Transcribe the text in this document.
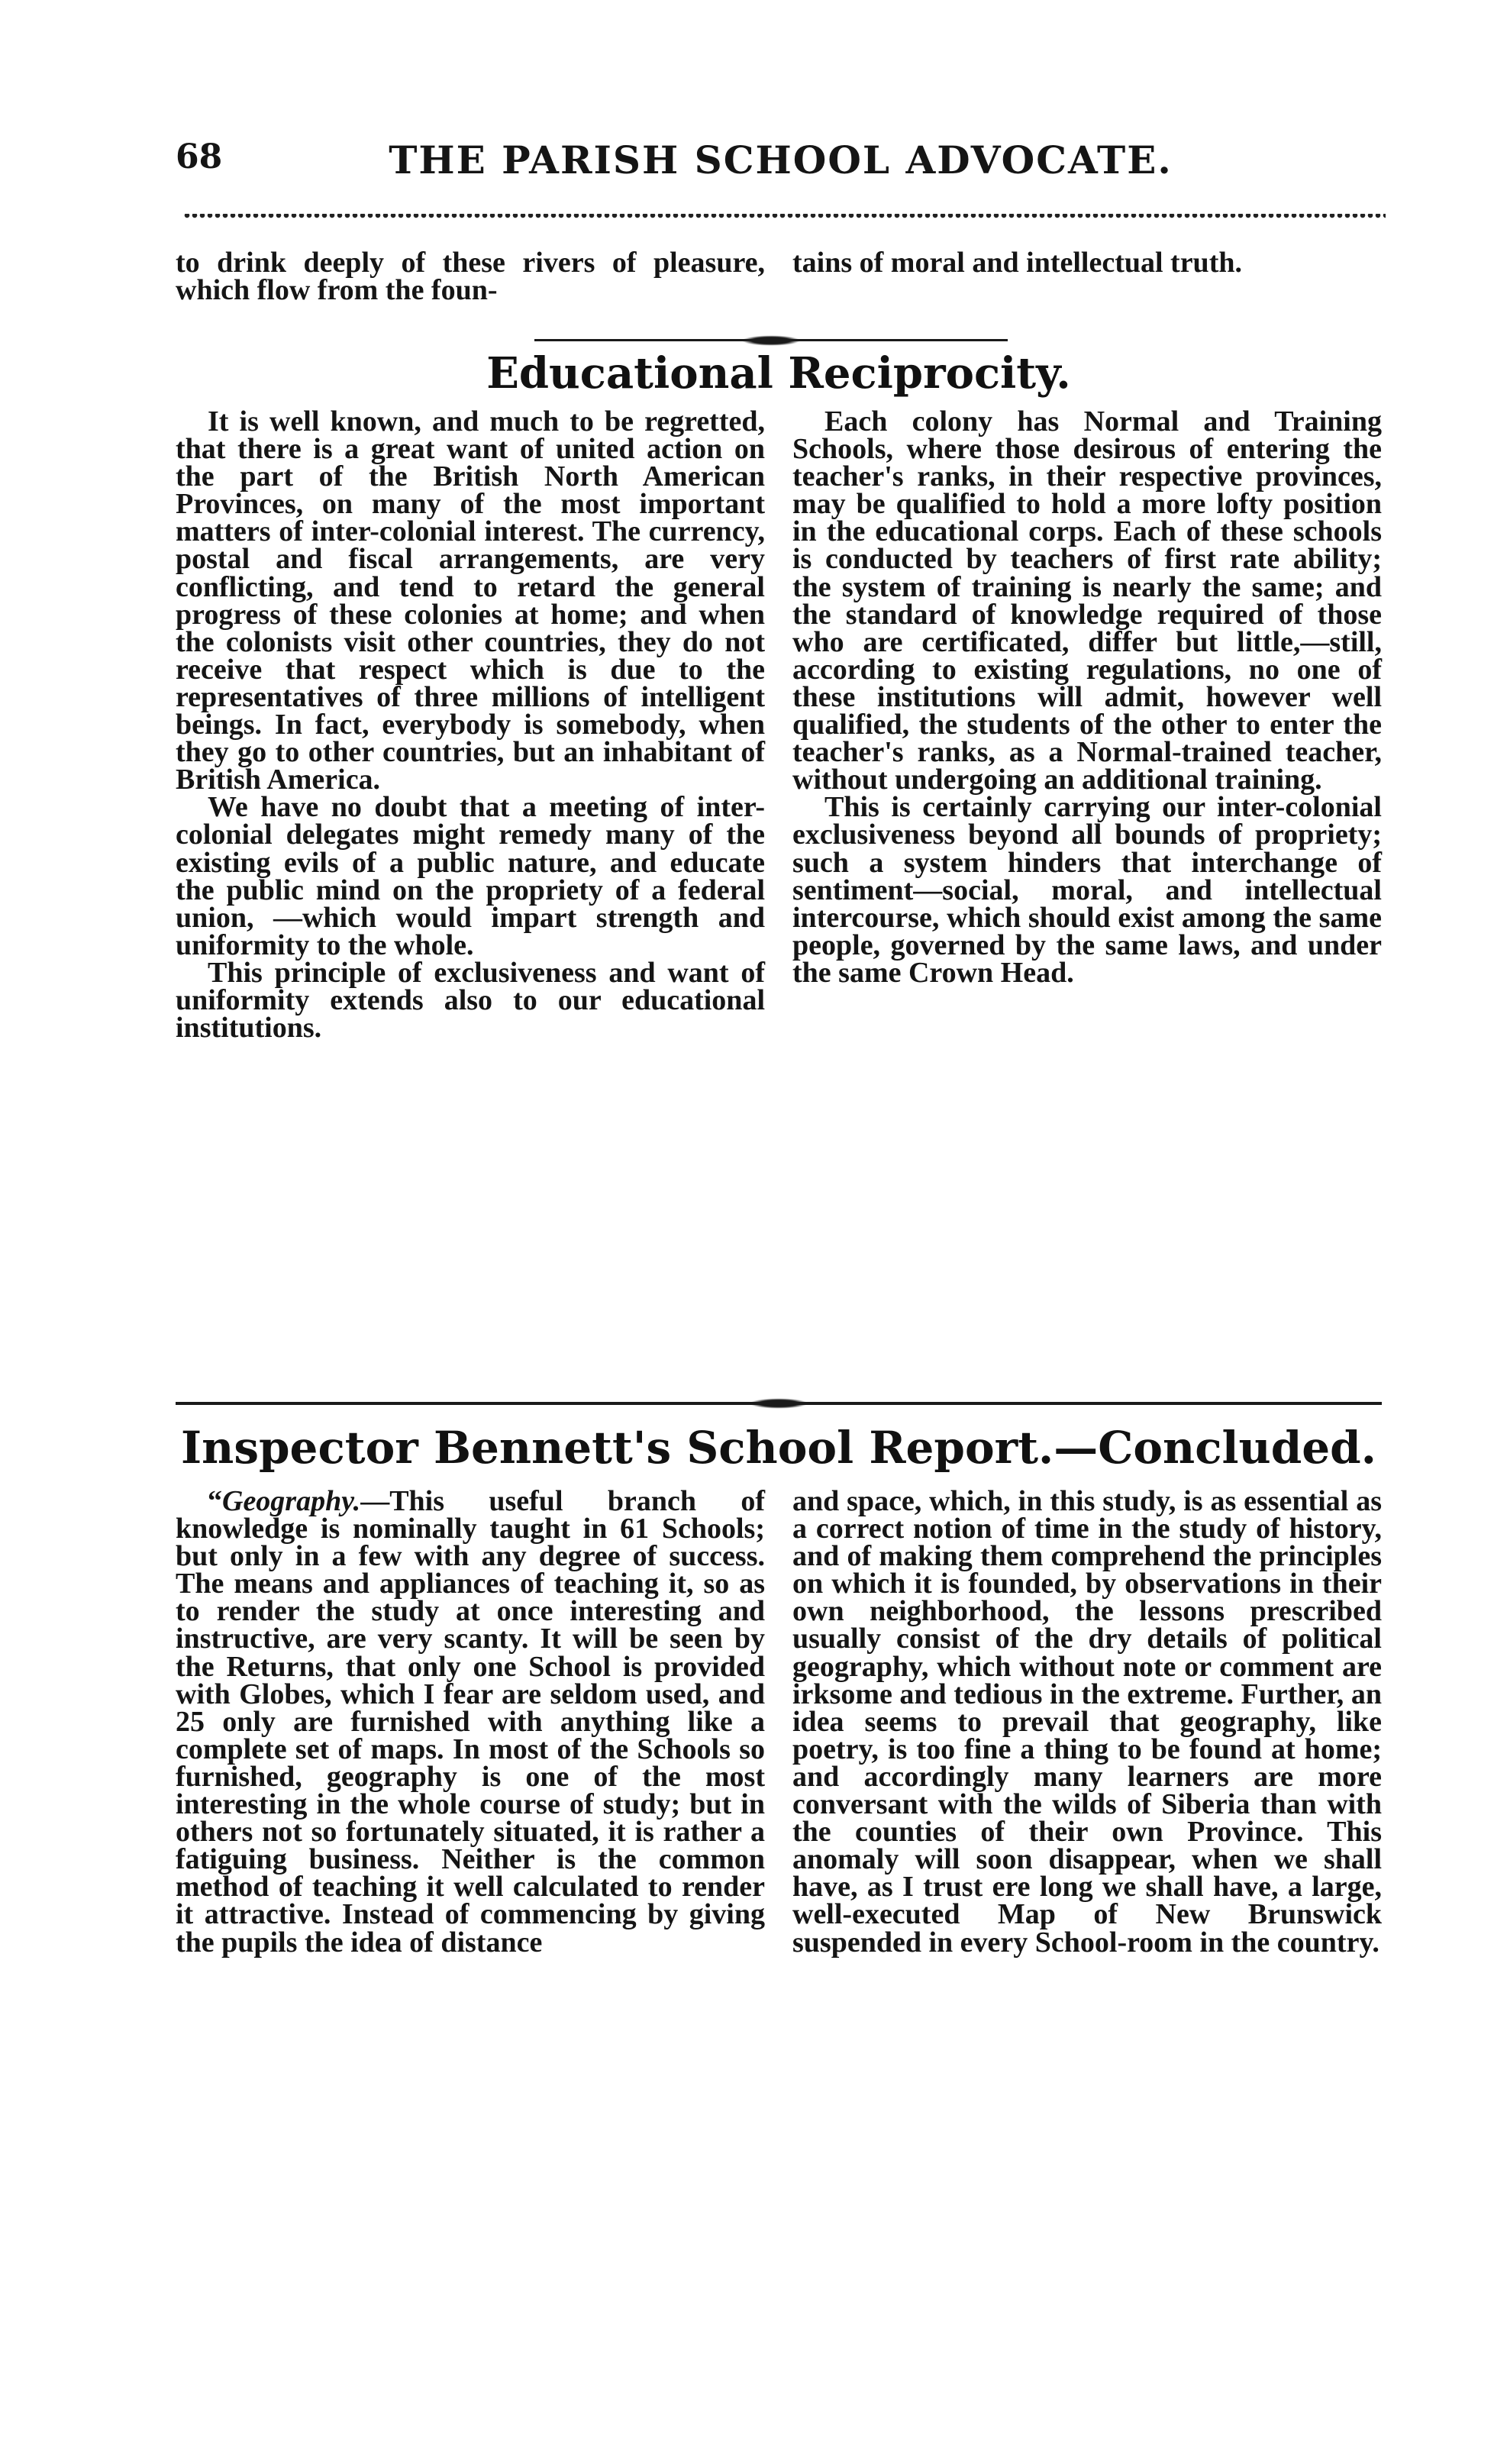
68	THE PARISH SCHOOL ADVOCATE.

to drink deeply of these rivers of pleasure, which flow from the foun-

tains of moral and intellectual truth.

Educational Reciprocity.

It is well known, and much to be regretted, that there is a great want of united action on the part of the British North American Provinces, on many of the most important matters of inter-colonial interest. The currency, postal and fiscal arrangements, are very conflicting, and tend to retard the general progress of these colonies at home; and when the colonists visit other countries, they do not receive that respect which is due to the representatives of three millions of intelligent beings. In fact, everybody is somebody, when they go to other countries, but an inhabitant of British America.

We have no doubt that a meeting of inter-colonial delegates might remedy many of the existing evils of a public nature, and educate the public mind on the propriety of a federal union, —which would impart strength and uniformity to the whole.

This principle of exclusiveness and want of uniformity extends also to our educational institutions.

Each colony has Normal and Training Schools, where those desirous of entering the teacher's ranks, in their respective provinces, may be qualified to hold a more lofty position in the educational corps. Each of these schools is conducted by teachers of first rate ability; the system of training is nearly the same; and the standard of knowledge required of those who are certificated, differ but little,—still, according to existing regulations, no one of these institutions will admit, however well qualified, the students of the other to enter the teacher's ranks, as a Normal-trained teacher, without undergoing an additional training.

This is certainly carrying our inter-colonial exclusiveness beyond all bounds of propriety; such a system hinders that interchange of sentiment—social, moral, and intellectual intercourse, which should exist among the same people, governed by the same laws, and under the same Crown Head.

Inspector Bennett's School Report.—Concluded.

“Geography.—This useful branch of knowledge is nominally taught in 61 Schools; but only in a few with any degree of success. The means and appliances of teaching it, so as to render the study at once interesting and instructive, are very scanty. It will be seen by the Returns, that only one School is provided with Globes, which I fear are seldom used, and 25 only are furnished with anything like a complete set of maps. In most of the Schools so furnished, geography is one of the most interesting in the whole course of study; but in others not so fortunately situated, it is rather a fatiguing business. Neither is the common method of teaching it well calculated to render it attractive. Instead of commencing by giving the pupils the idea of distance

and space, which, in this study, is as essential as a correct notion of time in the study of history, and of making them comprehend the principles on which it is founded, by observations in their own neighborhood, the lessons prescribed usually consist of the dry details of political geography, which without note or comment are irksome and tedious in the extreme. Further, an idea seems to prevail that geography, like poetry, is too fine a thing to be found at home; and accordingly many learners are more conversant with the wilds of Siberia than with the counties of their own Province. This anomaly will soon disappear, when we shall have, as I trust ere long we shall have, a large, well-executed Map of New Brunswick suspended in every School-room in the country.
